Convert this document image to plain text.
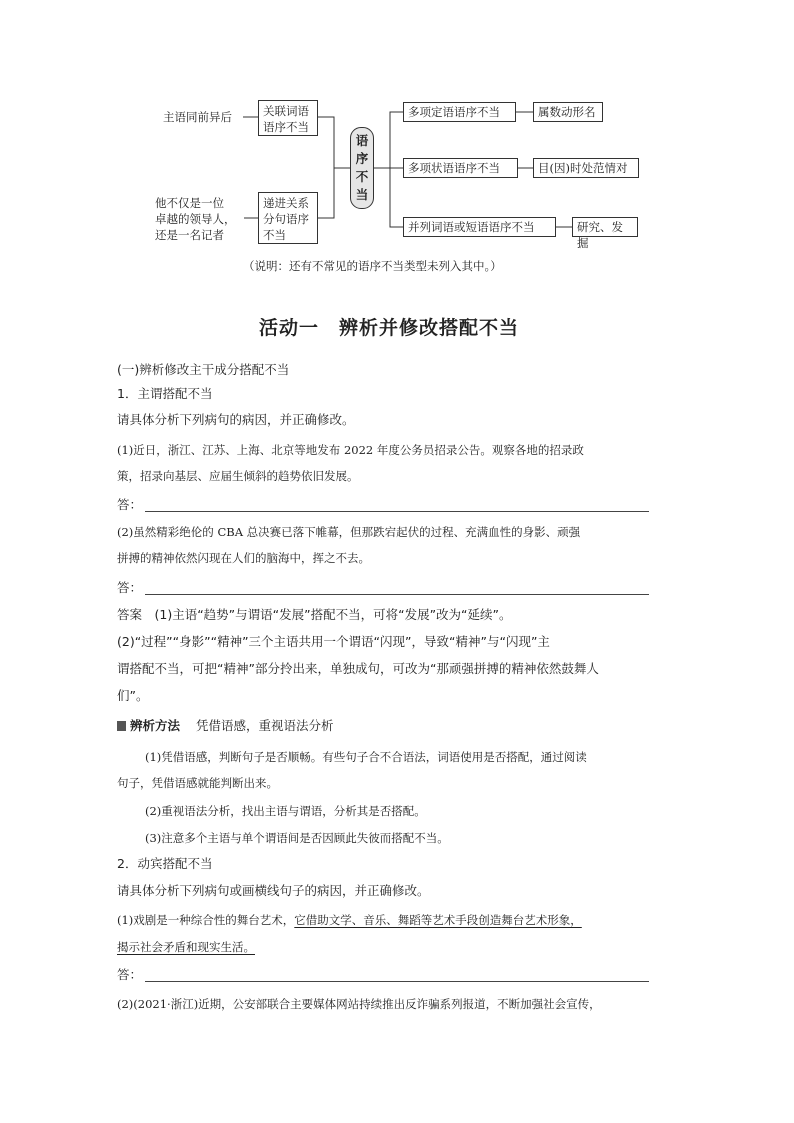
主语同前异后	关联词语
语序不当
他不仅是一位
卓越的领导人，
还是一名记者
递进关系
分句语序
不当
语
序
不
当
多项定语语序不当	属数动形名
多项状语语序不当	目(因)时处范情对
并列词语或短语语序不当	研究、发掘
（说明：还有不常见的语序不当类型未列入其中。）
活动一　辨析并修改搭配不当
(一)辨析修改主干成分搭配不当
1．主谓搭配不当
请具体分析下列病句的病因，并正确修改。
(1)近日，浙江、江苏、上海、北京等地发布 2022 年度公务员招录公告。观察各地的招录政
策，招录向基层、应届生倾斜的趋势依旧发展。
答：
(2)虽然精彩绝伦的 CBA 总决赛已落下帷幕，但那跌宕起伏的过程、充满血性的身影、顽强
拼搏的精神依然闪现在人们的脑海中，挥之不去。
答：
答案　(1)主语“趋势”与谓语“发展”搭配不当，可将“发展”改为“延续”。
(2)“过程”“身影”“精神”三个主语共用一个谓语“闪现”，导致“精神”与“闪现”主
谓搭配不当，可把“精神”部分拎出来，单独成句，可改为“那顽强拼搏的精神依然鼓舞人
们”。
辨析方法 凭借语感，重视语法分析
(1)凭借语感，判断句子是否顺畅。有些句子合不合语法，词语使用是否搭配，通过阅读
句子，凭借语感就能判断出来。
(2)重视语法分析，找出主语与谓语，分析其是否搭配。
(3)注意多个主语与单个谓语间是否因顾此失彼而搭配不当。
2．动宾搭配不当
请具体分析下列病句或画横线句子的病因，并正确修改。
(1)戏剧是一种综合性的舞台艺术，它借助文学、音乐、舞蹈等艺术手段创造舞台艺术形象，
揭示社会矛盾和现实生活。
答：
(2)(2021·浙江)近期，公安部联合主要媒体网站持续推出反诈骗系列报道，不断加强社会宣传，
